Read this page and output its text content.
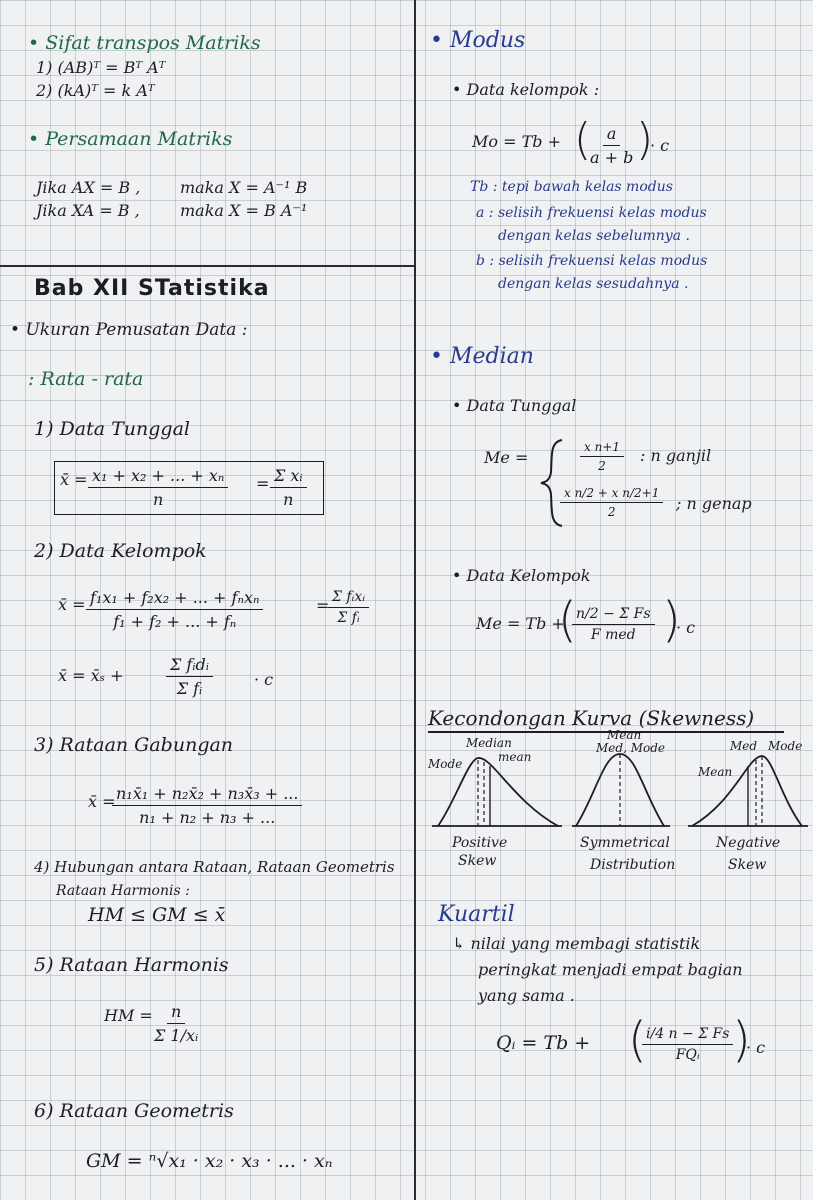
• Sifat transpos Matriks
1) (AB)ᵀ = Bᵀ Aᵀ
2) (kA)ᵀ = k Aᵀ
• Persamaan Matriks
Jika AX = B , maka X = A⁻¹ B
Jika XA = B ,	maka X = B A⁻¹
Bab XII STatistika
• Ukuran Pemusatan Data :
: Rata - rata
1) Data Tunggal
x̄ = $\frac{\text{x₁ + x₂ + ... + xₙ}}{n} = \frac{\text{Σ xᵢ}}{n}$
2) Data Kelompok
x̄ = f₁x₁ + f₂x₂ + ... + fₙxₙ
f₁ + f₂ + ... + fₙ
= Σ fᵢxᵢ
Σ fᵢ
x̄ = x̄ₛ +
Σ fᵢdᵢ
Σ fᵢ	· c
3) Rataan Gabungan
x̄ =
$\frac{\text{n₁x̄₁ + n₂x̄₂ + n₃x̄₃ + ...}}{\text{n₁ + n₂ + n₃ + ...}}$
4) Hubungan antara Rataan, Rataan Geometris
Rataan Harmonis :
HM ≤ GM ≤ x̄
5) Rataan Harmonis
HM =
$\frac{n}{\text{Σ 1/xᵢ}}$
6) Rataan Geometris
GM = ⁿ√x₁ · x₂ · x₃ · ... · xₙ
• Modus
• Data kelompok :
Mo = Tb + (
$\frac{a}{a + b}$
)
· c
Tb : tepi bawah kelas modus
a : selisih frekuensi kelas modus
dengan kelas sebelumnya .
b : selisih frekuensi kelas modus
dengan kelas sesudahnya .
• Median
• Data Tunggal
Me =	$\frac{\text{x n+1}}{2}$ : n ganjil
$\frac{\text{x n/2 + x n/2+1}}{2}$ ; n genap
• Data Kelompok
Me = Tb +
( n/2 − Σ Fs
F med )
· c
Kecondongan Kurva (Skewness)
Median
Mode	mean
Positive
Skew
Mean
Med, Mode
Symmetrical
Distribution
Med Mode
Mean
Negative
Skew
Kuartil
↳ nilai yang membagi statistik
peringkat menjadi empat bagian
yang sama .
Qᵢ = Tb + ( i/4 n − Σ Fs
FQᵢ )
· c
